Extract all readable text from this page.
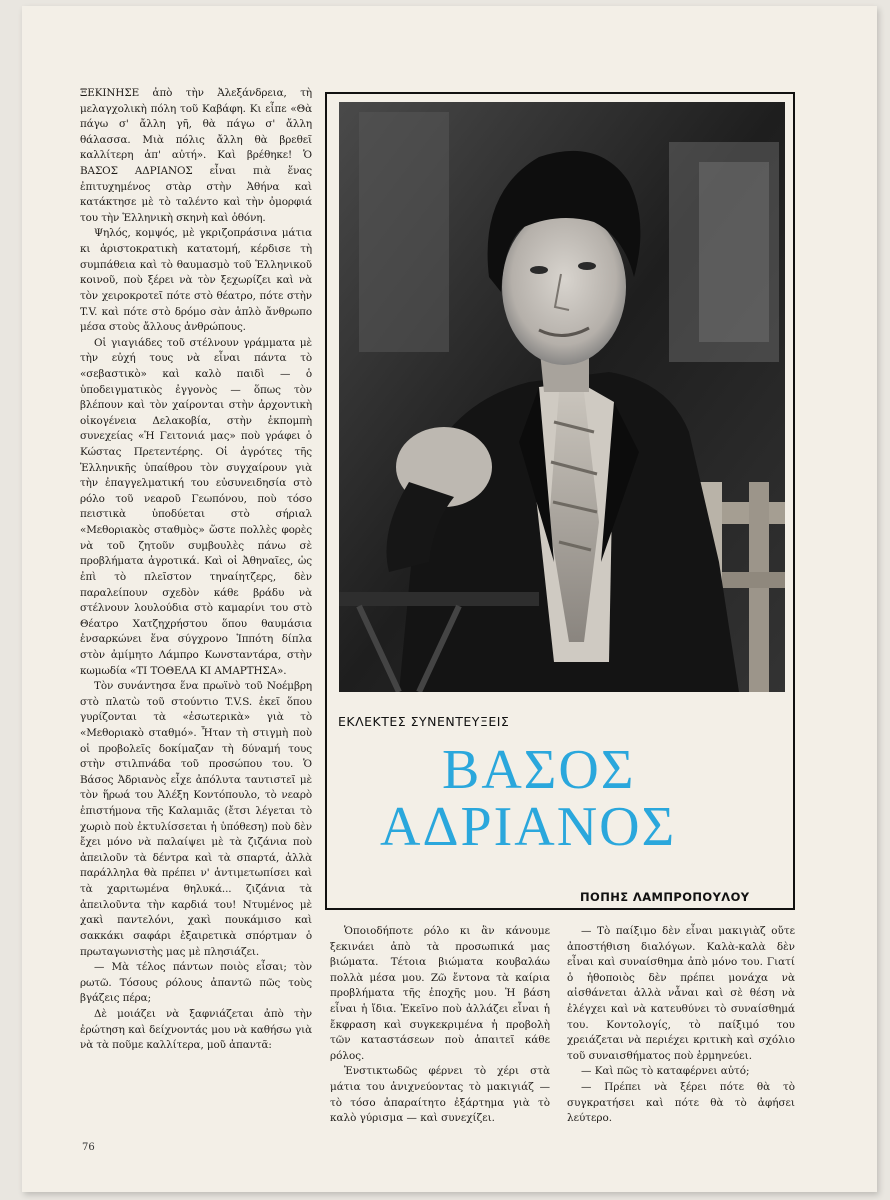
ΞΕΚΙΝΗΣΕ ἀπὸ τὴν Ἀλεξάνδρεια, τὴ μελαγχολικὴ πόλη τοῦ Καβάφη. Κι εἶπε «Θὰ πάγω σ' ἄλλη γῆ, θὰ πάγω σ' ἄλλη θάλασσα. Μιὰ πόλις ἄλλη θὰ βρεθεῖ καλλίτερη ἀπ' αὐτή». Καὶ βρέθηκε! Ὁ ΒΑΣΟΣ ΑΔΡΙΑΝΟΣ εἶναι πιὰ ἕνας ἐπιτυχημένος στὰρ στὴν Ἀθήνα καὶ κατάκτησε μὲ τὸ ταλέντο καὶ τὴν ὀμορφιά του τὴν Ἑλληνικὴ σκηνὴ καὶ ὀθόνη.

Ψηλός, κομψός, μὲ γκριζοπράσινα μάτια κι ἀριστοκρατικὴ κατατομή, κέρδισε τὴ συμπάθεια καὶ τὸ θαυμασμὸ τοῦ Ἑλληνικοῦ κοινοῦ, ποὺ ξέρει νὰ τὸν ξεχωρίζει καὶ νὰ τὸν χειροκροτεῖ πότε στὸ θέατρο, πότε στὴν T.V. καὶ πότε στὸ δρόμο σὰν ἁπλὸ ἄνθρωπο μέσα στοὺς ἄλλους ἀνθρώπους.

Οἱ γιαγιάδες τοῦ στέλνουν γράμματα μὲ τὴν εὐχή τους νὰ εἶναι πάντα τὸ «σεβαστικὸ» καὶ καλὸ παιδὶ — ὁ ὑποδειγματικὸς ἐγγονὸς — ὅπως τὸν βλέπουν καὶ τὸν χαίρονται στὴν ἀρχοντικὴ οἰκογένεια Δελακοβία, στὴν ἐκπομπὴ συνεχείας «Ἡ Γειτονιά μας» ποὺ γράφει ὁ Κώστας Πρετεντέρης. Οἱ ἀγρότες τῆς Ἑλληνικῆς ὑπαίθρου τὸν συγχαίρουν γιὰ τὴν ἐπαγγελματική του εὐσυνειδησία στὸ ρόλο τοῦ νεαροῦ Γεωπόνου, ποὺ τόσο πειστικὰ ὑποδύεται στὸ σήριαλ «Μεθοριακὸς σταθμὸς» ὥστε πολλὲς φορὲς νὰ τοῦ ζητοῦν συμβουλὲς πάνω σὲ προβλήματα ἀγροτικά. Καὶ οἱ Ἀθηναῖες, ὡς ἐπὶ τὸ πλεῖστον τηναίητζερς, δὲν παραλείπουν σχεδὸν κάθε βράδυ νὰ στέλνουν λουλούδια στὸ καμαρίνι του στὸ Θέατρο Χατζηχρήστου ὅπου θαυμάσια ἐνσαρκώνει ἕνα σύγχρονο Ἱππότη δίπλα στὸν ἀμίμητο Λάμπρο Κωνσταντάρα, στὴν κωμωδία «ΤΙ ΤΟΘΕΛΑ ΚΙ ΑΜΑΡΤΗΣΑ».

Τὸν συνάντησα ἕνα πρωϊνὸ τοῦ Νοέμβρη στὸ πλατὼ τοῦ στούντιο T.V.S. ἐκεῖ ὅπου γυρίζονται τὰ «ἐσωτερικὰ» γιὰ τὸ «Μεθοριακὸ σταθμό». Ἦταν τὴ στιγμὴ ποὺ οἱ προβολεῖς δοκίμαζαν τὴ δύναμή τους στὴν στιλπνάδα τοῦ προσώπου του. Ὁ Βάσος Ἀδριανὸς εἶχε ἀπόλυτα ταυτιστεῖ μὲ τὸν ἥρωά του Ἀλέξη Κοντόπουλο, τὸ νεαρὸ ἐπιστήμονα τῆς Καλαμιᾶς (ἔτσι λέγεται τὸ χωριὸ ποὺ ἐκτυλίσσεται ἡ ὑπόθεση) ποὺ δὲν ἔχει μόνο νὰ παλαίψει μὲ τὰ ζιζάνια ποὺ ἀπειλοῦν τὰ δέντρα καὶ τὰ σπαρτά, ἀλλὰ παράλληλα θὰ πρέπει ν' ἀντιμετωπίσει καὶ τὰ χαριτωμένα θηλυκά... ζιζάνια τὰ ἀπειλοῦντα τὴν καρδιά του! Ντυμένος μὲ χακὶ παντελόνι, χακὶ πουκάμισο καὶ σακκάκι σαφάρι ἐξαιρετικὰ σπόρτμαν ὁ πρωταγωνιστὴς μας μὲ πλησιάζει.

— Μὰ τέλος πάντων ποιὸς εἶσαι; τὸν ρωτῶ. Τόσους ρόλους ἀπαντῶ πῶς τοὺς βγάζεις πέρα;

Δὲ μοιάζει νὰ ξαφνιάζεται ἀπὸ τὴν ἐρώτηση καὶ δείχνοντάς μου νὰ καθήσω γιὰ νὰ τὰ ποῦμε καλλίτερα, μοῦ ἀπαντᾶ:

ΕΚΛΕΚΤΕΣ ΣΥΝΕΝΤΕΥΞΕΙΣ
ΒΑΣΟΣ
ΑΔΡΙΑΝΟΣ
ΠΟΠΗΣ ΛΑΜΠΡΟΠΟΥΛΟΥ

Ὁποιοδήποτε ρόλο κι ἂν κάνουμε ξεκινάει ἀπὸ τὰ προσωπικά μας βιώματα. Τέτοια βιώματα κουβαλάω πολλὰ μέσα μου. Ζῶ ἔντονα τὰ καίρια προβλήματα τῆς ἐποχῆς μου. Ἡ βάση εἶναι ἡ ἴδια. Ἐκεῖνο ποὺ ἀλλάζει εἶναι ἡ ἔκφραση καὶ συγκεκριμένα ἡ προβολὴ τῶν καταστάσεων ποὺ ἀπαιτεῖ κάθε ρόλος.

Ἐνστικτωδῶς φέρνει τὸ χέρι στὰ μάτια του ἀνιχνεύοντας τὸ μακιγιάζ — τὸ τόσο ἀπαραίτητο ἐξάρτημα γιὰ τὸ καλὸ γύρισμα — καὶ συνεχίζει.

— Τὸ παίξιμο δὲν εἶναι μακιγιὰζ οὔτε ἀποστήθιση διαλόγων. Καλὰ-καλὰ δὲν εἶναι καὶ συναίσθημα ἀπὸ μόνο του. Γιατί ὁ ἠθοποιὸς δὲν πρέπει μονάχα νὰ αἰσθάνεται ἀλλὰ νἆναι καὶ σὲ θέση νὰ ἐλέγχει καὶ νὰ κατευθύνει τὸ συναίσθημά του. Κοντολογίς, τὸ παίξιμό του χρειάζεται νὰ περιέχει κριτικὴ καὶ σχόλιο τοῦ συναισθήματος ποὺ ἑρμηνεύει.

— Καὶ πῶς τὸ καταφέρνει αὐτό;

— Πρέπει νὰ ξέρει πότε θὰ τὸ συγκρατήσει καὶ πότε θὰ τὸ ἀφήσει λεύτερο.

76
